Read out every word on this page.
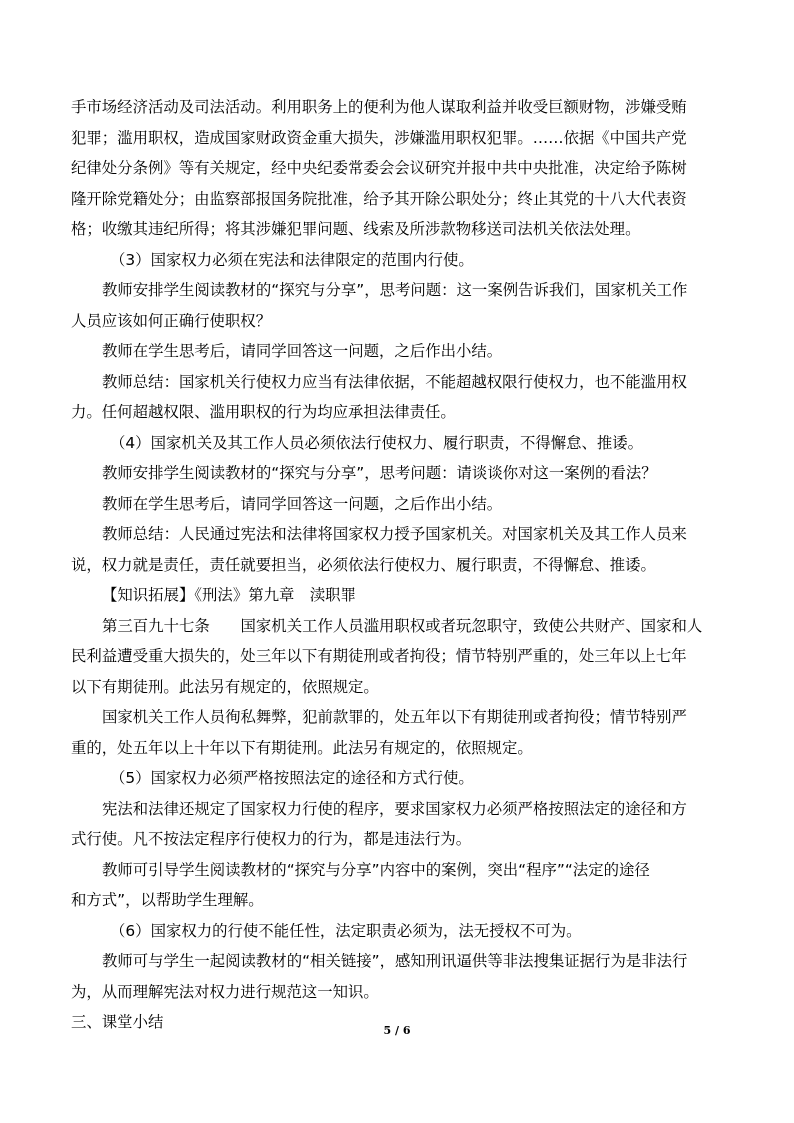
手市场经济活动及司法活动。利用职务上的便利为他人谋取利益并收受巨额财物，涉嫌受贿
犯罪；滥用职权，造成国家财政资金重大损失，涉嫌滥用职权犯罪。……依据《中国共产党
纪律处分条例》等有关规定，经中央纪委常委会会议研究并报中共中央批准，决定给予陈树
隆开除党籍处分；由监察部报国务院批准，给予其开除公职处分；终止其党的十八大代表资
格；收缴其违纪所得；将其涉嫌犯罪问题、线索及所涉款物移送司法机关依法处理。
（3）国家权力必须在宪法和法律限定的范围内行使。
教师安排学生阅读教材的“探究与分享”，思考问题：这一案例告诉我们，国家机关工作
人员应该如何正确行使职权？
教师在学生思考后，请同学回答这一问题，之后作出小结。
教师总结：国家机关行使权力应当有法律依据，不能超越权限行使权力，也不能滥用权
力。任何超越权限、滥用职权的行为均应承担法律责任。
（4）国家机关及其工作人员必须依法行使权力、履行职责，不得懈怠、推诿。
教师安排学生阅读教材的“探究与分享”，思考问题：请谈谈你对这一案例的看法？
教师在学生思考后，请同学回答这一问题，之后作出小结。
教师总结：人民通过宪法和法律将国家权力授予国家机关。对国家机关及其工作人员来
说，权力就是责任，责任就要担当，必须依法行使权力、履行职责，不得懈怠、推诿。
【知识拓展】《刑法》第九章　渎职罪
第三百九十七条　　国家机关工作人员滥用职权或者玩忽职守，致使公共财产、国家和人
民利益遭受重大损失的，处三年以下有期徒刑或者拘役；情节特别严重的，处三年以上七年
以下有期徒刑。此法另有规定的，依照规定。
国家机关工作人员徇私舞弊，犯前款罪的，处五年以下有期徒刑或者拘役；情节特别严
重的，处五年以上十年以下有期徒刑。此法另有规定的，依照规定。
（5）国家权力必须严格按照法定的途径和方式行使。
宪法和法律还规定了国家权力行使的程序，要求国家权力必须严格按照法定的途径和方
式行使。凡不按法定程序行使权力的行为，都是违法行为。
教师可引导学生阅读教材的“探究与分享”内容中的案例，突出“程序”“法定的途径
和方式”，以帮助学生理解。
（6）国家权力的行使不能任性，法定职责必须为，法无授权不可为。
教师可与学生一起阅读教材的“相关链接”，感知刑讯逼供等非法搜集证据行为是非法行
为，从而理解宪法对权力进行规范这一知识。
三、课堂小结	5 / 6
